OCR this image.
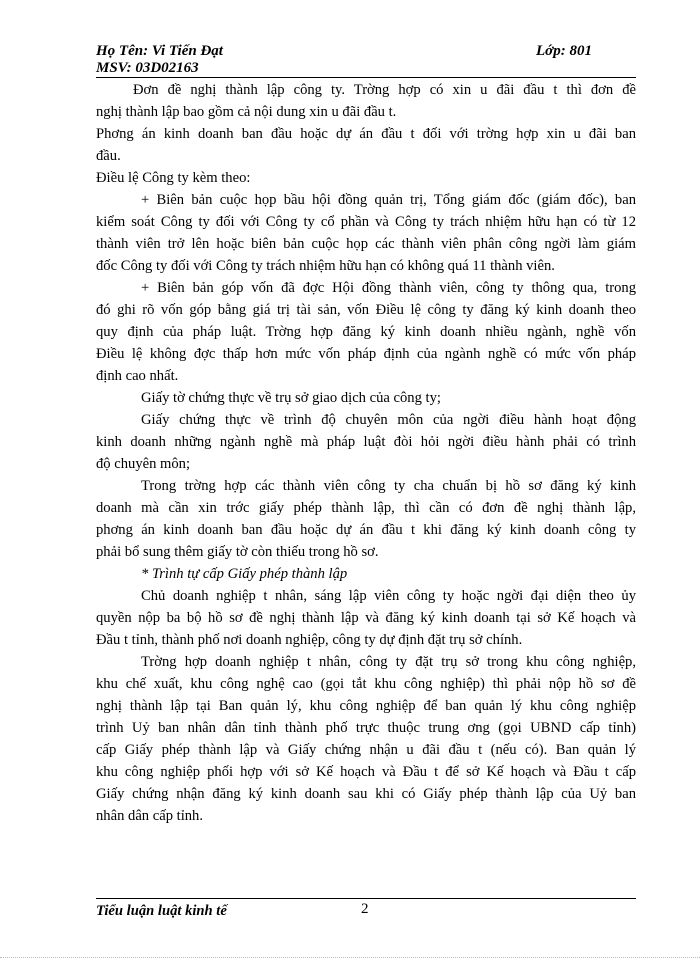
Họ Tên: Vi Tiến Đạt
MSV: 03D02163
Lớp: 801
Đơn đề nghị thành lập công ty. Trờng hợp có xin u đãi đầu t thì đơn đề
nghị thành lập bao gồm cả nội dung xin u đãi đầu t.
Phơng án kinh doanh ban đầu hoặc dự án đầu t đối với trờng hợp xin u đãi ban
đầu.
Điều lệ Công ty kèm theo:
+ Biên bản cuộc họp bầu hội đồng quản trị, Tổng giám đốc (giám đốc), ban
kiểm soát Công ty đối với Công ty cổ phần và Công ty trách nhiệm hữu hạn có từ 12
thành viên trở lên hoặc biên bản cuộc họp các thành viên phân công ngời làm giám
đốc Công ty đối với Công ty trách nhiệm hữu hạn có không quá 11 thành viên.
+ Biên bản góp vốn đã đợc Hội đồng thành viên, công ty thông qua, trong
đó ghi rõ vốn góp bằng giá trị tài sản, vốn Điều lệ công ty đăng ký kinh doanh theo
quy định của pháp luật. Trờng hợp đăng ký kinh doanh nhiều ngành, nghề vốn
Điều lệ không đợc thấp hơn mức vốn pháp định của ngành nghề có mức vốn pháp
định cao nhất.
Giấy tờ chứng thực về trụ sở giao dịch của công ty;
Giấy chứng thực về trình độ chuyên môn của ngời điều hành hoạt động
kinh doanh những ngành nghề mà pháp luật đòi hỏi ngời điều hành phải có trình
độ chuyên môn;
Trong trờng hợp các thành viên công ty cha chuẩn bị hồ sơ đăng ký kinh
doanh mà cần xin trớc giấy phép thành lập, thì cần có đơn đề nghị thành lập,
phơng án kinh doanh ban đầu hoặc dự án đầu t khi đăng ký kinh doanh công ty
phải bổ sung thêm giấy tờ còn thiếu trong hồ sơ.
* Trình tự cấp Giấy phép thành lập
Chủ doanh nghiệp t nhân, sáng lập viên công ty hoặc ngời đại diện theo ủy
quyền nộp ba bộ hồ sơ đề nghị thành lập và đăng ký kinh doanh tại sở Kế hoạch và
Đầu t tỉnh, thành phố nơi doanh nghiệp, công ty dự định đặt trụ sở chính.
Trờng hợp doanh nghiệp t nhân, công ty đặt trụ sở trong khu công nghiệp,
khu chế xuất, khu công nghệ cao (gọi tắt khu công nghiệp) thì phải nộp hồ sơ đề
nghị thành lập tại Ban quản lý, khu công nghiệp để ban quản lý khu công nghiệp
trình Uỷ ban nhân dân tỉnh thành phố trực thuộc trung ơng (gọi UBND cấp tỉnh)
cấp Giấy phép thành lập và Giấy chứng nhận u đãi đầu t (nếu có). Ban quản lý
khu công nghiệp phối hợp với sở Kế hoạch và Đầu t để sở Kế hoạch và Đầu t cấp
Giấy chứng nhận đăng ký kinh doanh sau khi có Giấy phép thành lập của Uỷ ban
nhân dân cấp tỉnh.
Tiểu luận luật kinh tế	2
